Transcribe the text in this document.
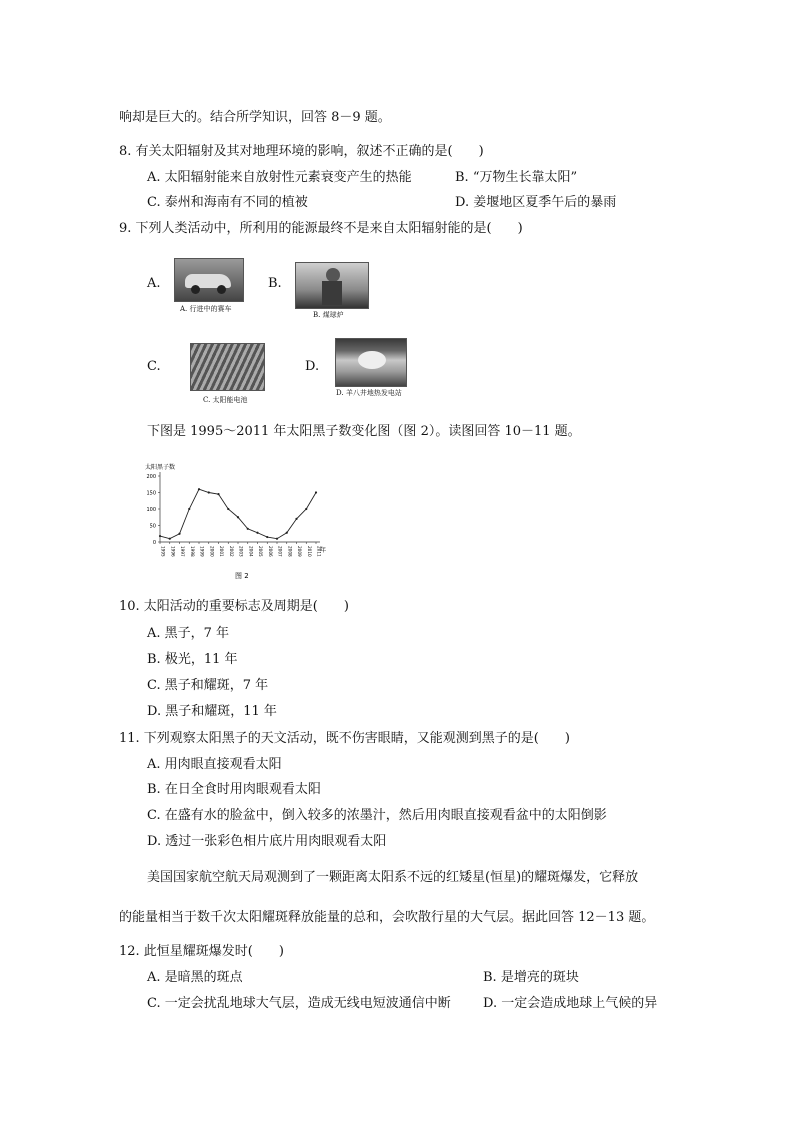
响却是巨大的。结合所学知识，回答 8－9 题。
8. 有关太阳辐射及其对地理环境的影响，叙述不正确的是(　　)
A. 太阳辐射能来自放射性元素衰变产生的热能	B. “万物生长靠太阳”
C. 泰州和海南有不同的植被	D. 姜堰地区夏季午后的暴雨
9. 下列人类活动中，所利用的能源最终不是来自太阳辐射能的是(　　)
A.
A. 行进中的赛车
B.
B. 煤球炉
C.
C. 太阳能电池
D.
D. 羊八井地热发电站
下图是 1995～2011 年太阳黑子数变化图（图 2）。读图回答 10－11 题。
太阳黑子数
年
0
50
100
150
200
1995 1996 1997 1998 1999 2000 2001 2002 2003 2004 2005 2006 2007 2008 2009 2010 2011
图 2
10. 太阳活动的重要标志及周期是(　　)
A. 黑子，7 年
B. 极光，11 年
C. 黑子和耀斑，7 年
D. 黑子和耀斑，11 年
11. 下列观察太阳黑子的天文活动，既不伤害眼睛，又能观测到黑子的是(　　)
A. 用肉眼直接观看太阳
B. 在日全食时用肉眼观看太阳
C. 在盛有水的脸盆中，倒入较多的浓墨汁，然后用肉眼直接观看盆中的太阳倒影
D. 透过一张彩色相片底片用肉眼观看太阳
美国国家航空航天局观测到了一颗距离太阳系不远的红矮星(恒星)的耀斑爆发，它释放
的能量相当于数千次太阳耀斑释放能量的总和，会吹散行星的大气层。据此回答 12－13 题。
12. 此恒星耀斑爆发时(　　)
A. 是暗黑的斑点	B. 是增亮的斑块
C. 一定会扰乱地球大气层，造成无线电短波通信中断 D. 一定会造成地球上气候的异
